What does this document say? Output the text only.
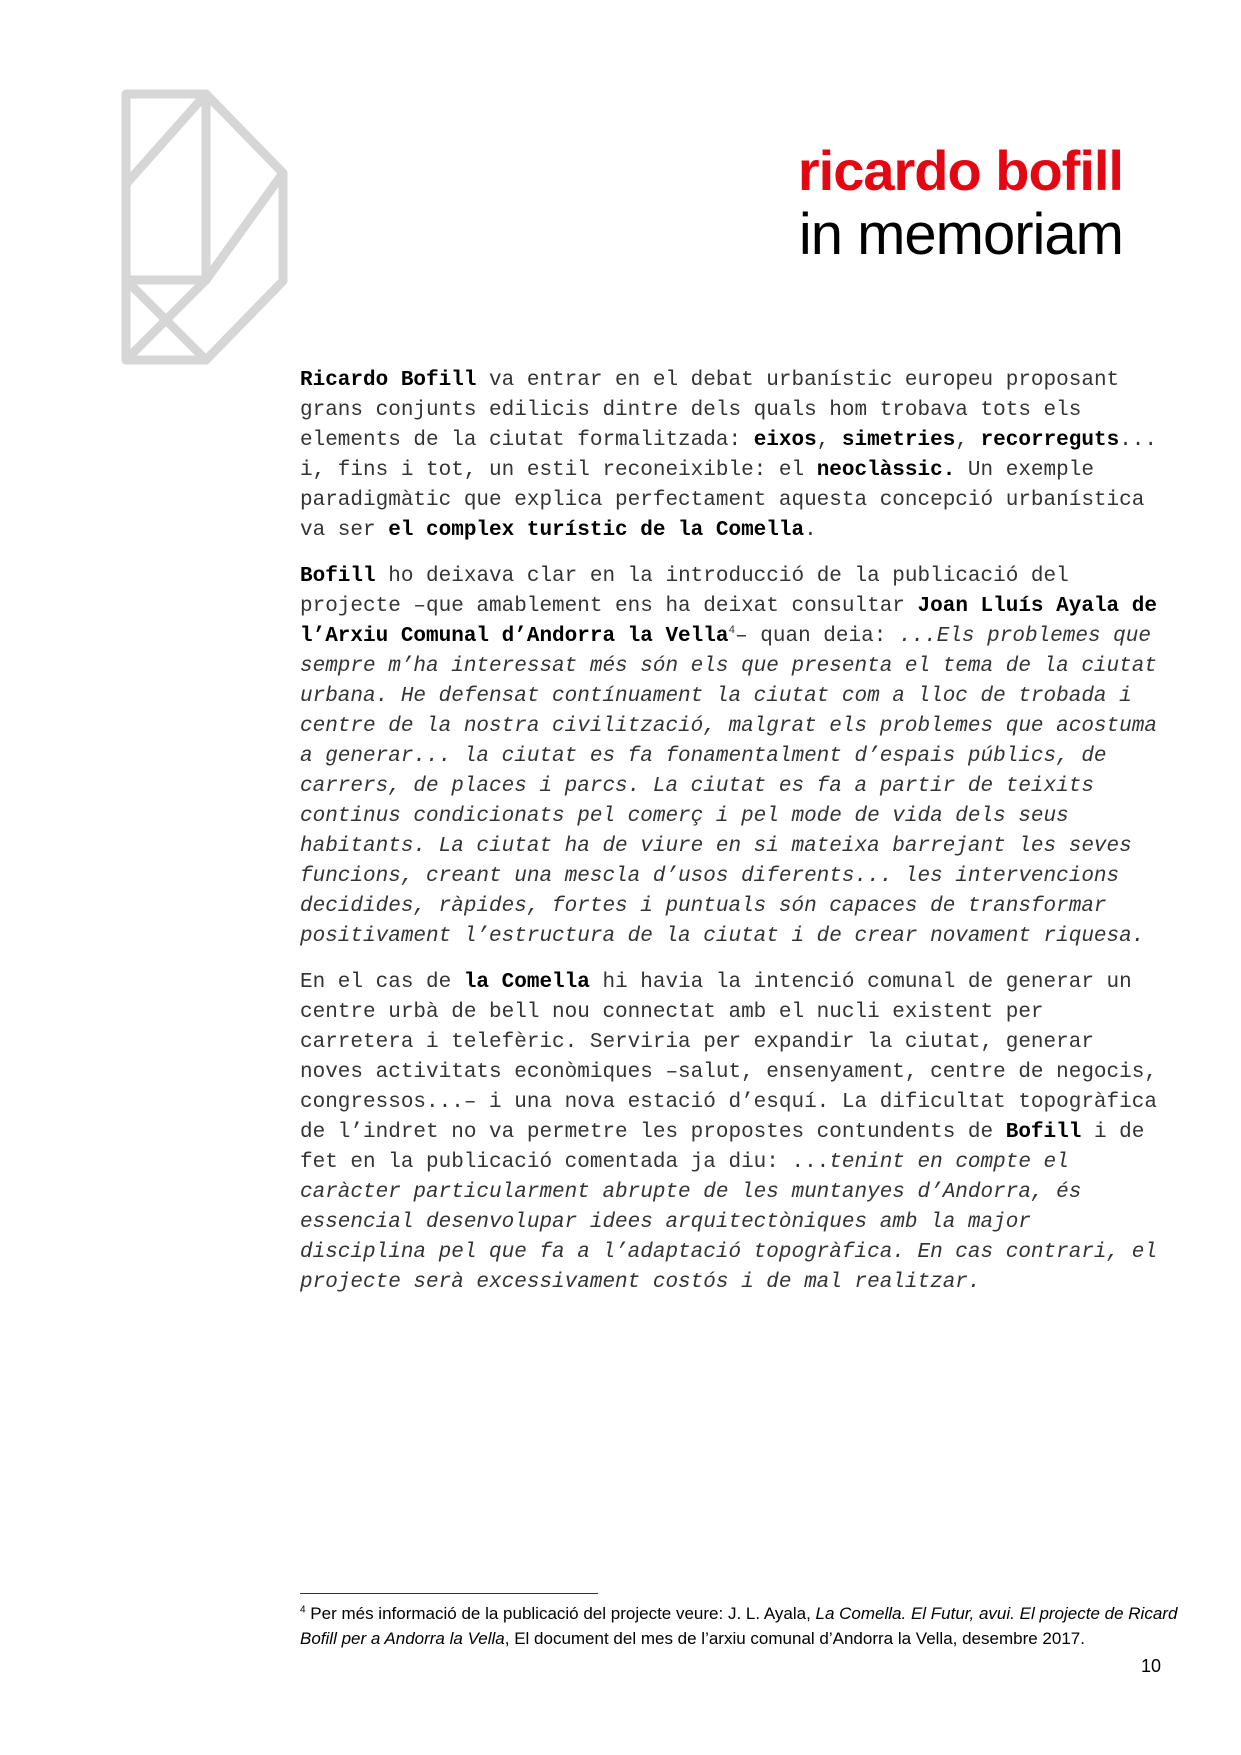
ricardo bofill
in memoriam

Ricardo Bofill va entrar en el debat urbanístic europeu proposant grans conjunts edilicis dintre dels quals hom trobava tots els elements de la ciutat formalitzada: eixos, simetries, recorreguts... i, fins i tot, un estil reconeixible: el neoclàssic. Un exemple paradigmàtic que explica perfectament aquesta concepció urbanística va ser el complex turístic de la Comella.

Bofill ho deixava clar en la introducció de la publicació del projecte –que amablement ens ha deixat consultar Joan Lluís Ayala de l’Arxiu Comunal d’Andorra la Vella$^4$– quan deia: ...Els problemes que sempre m’ha interessat més són els que presenta el tema de la ciutat urbana. He defensat contínuament la ciutat com a lloc de trobada i centre de la nostra civilització, malgrat els problemes que acostuma a generar... la ciutat es fa fonamentalment d’espais públics, de carrers, de places i parcs. La ciutat es fa a partir de teixits continus condicionats pel comerç i pel mode de vida dels seus habitants. La ciutat ha de viure en si mateixa barrejant les seves funcions, creant una mescla d’usos diferents... les intervencions decidides, ràpides, fortes i puntuals són capaces de transformar positivament l’estructura de la ciutat i de crear novament riquesa.

En el cas de la Comella hi havia la intenció comunal de generar un centre urbà de bell nou connectat amb el nucli existent per carretera i telefèric. Serviria per expandir la ciutat, generar noves activitats econòmiques –salut, ensenyament, centre de negocis, congressos...– i una nova estació d’esquí. La dificultat topogràfica de l’indret no va permetre les propostes contundents de Bofill i de fet en la publicació comentada ja diu: ...tenint en compte el caràcter particularment abrupte de les muntanyes d’Andorra, és essencial desenvolupar idees arquitectòniques amb la major disciplina pel que fa a l’adaptació topogràfica. En cas contrari, el projecte serà excessivament costós i de mal realitzar.

$^4$ Per més informació de la publicació del projecte veure: J. L. Ayala, La Comella. El Futur, avui. El projecte de Ricard Bofill per a Andorra la Vella, El document del mes de l’arxiu comunal d’Andorra la Vella, desembre 2017.
10
